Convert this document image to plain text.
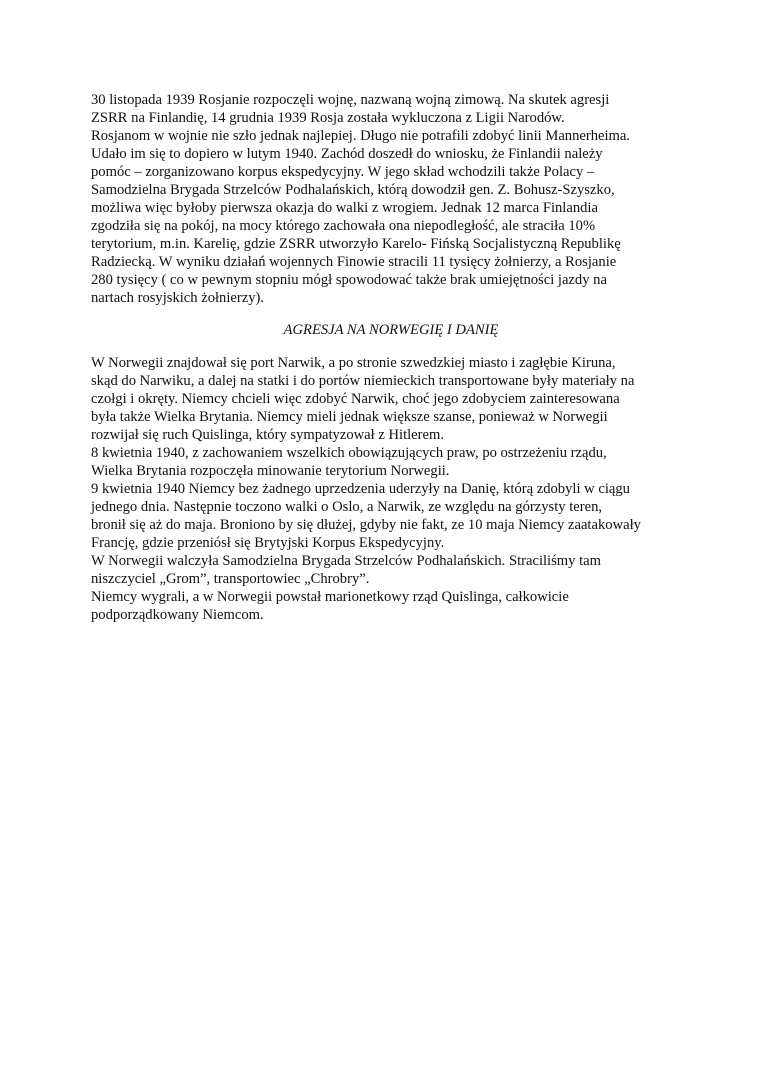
30 listopada 1939 Rosjanie rozpoczęli wojnę, nazwaną wojną zimową. Na skutek agresji
ZSRR na Finlandię, 14 grudnia 1939 Rosja została wykluczona z Ligii Narodów.
Rosjanom w wojnie nie szło jednak najlepiej. Długo nie potrafili zdobyć linii Mannerheima.
Udało im się to dopiero w lutym 1940. Zachód doszedł do wniosku, że Finlandii należy
pomóc – zorganizowano korpus ekspedycyjny. W jego skład wchodzili także Polacy –
Samodzielna Brygada Strzelców Podhalańskich, którą dowodził gen. Z. Bohusz-Szyszko,
możliwa więc byłoby pierwsza okazja do walki z wrogiem. Jednak 12 marca Finlandia
zgodziła się na pokój, na mocy którego zachowała ona niepodległość, ale straciła 10%
terytorium, m.in. Karelię, gdzie ZSRR utworzyło Karelo- Fińską Socjalistyczną Republikę
Radziecką. W wyniku działań wojennych Finowie stracili 11 tysięcy żołnierzy, a Rosjanie
280 tysięcy ( co w pewnym stopniu mógł spowodować także brak umiejętności jazdy na
nartach rosyjskich żołnierzy).
AGRESJA NA NORWEGIĘ I DANIĘ
W Norwegii znajdował się port Narwik, a po stronie szwedzkiej miasto i zagłębie Kiruna,
skąd do Narwiku, a dalej na statki i do portów niemieckich transportowane były materiały na
czołgi i okręty. Niemcy chcieli więc zdobyć Narwik, choć jego zdobyciem zainteresowana
była także Wielka Brytania. Niemcy mieli jednak większe szanse, ponieważ w Norwegii
rozwijał się ruch Quislinga, który sympatyzował z Hitlerem.
8 kwietnia 1940, z zachowaniem wszelkich obowiązujących praw, po ostrzeżeniu rządu,
Wielka Brytania rozpoczęła minowanie terytorium Norwegii.
9 kwietnia 1940 Niemcy bez żadnego uprzedzenia uderzyły na Danię, którą zdobyli w ciągu
jednego dnia. Następnie toczono walki o Oslo, a Narwik, ze względu na górzysty teren,
bronił się aż do maja. Broniono by się dłużej, gdyby nie fakt, ze 10 maja Niemcy zaatakowały
Francję, gdzie przeniósł się Brytyjski Korpus Ekspedycyjny.
W Norwegii walczyła Samodzielna Brygada Strzelców Podhalańskich. Straciliśmy tam
niszczyciel „Grom”, transportowiec „Chrobry”.
Niemcy wygrali, a w Norwegii powstał marionetkowy rząd Quislinga, całkowicie
podporządkowany Niemcom.
